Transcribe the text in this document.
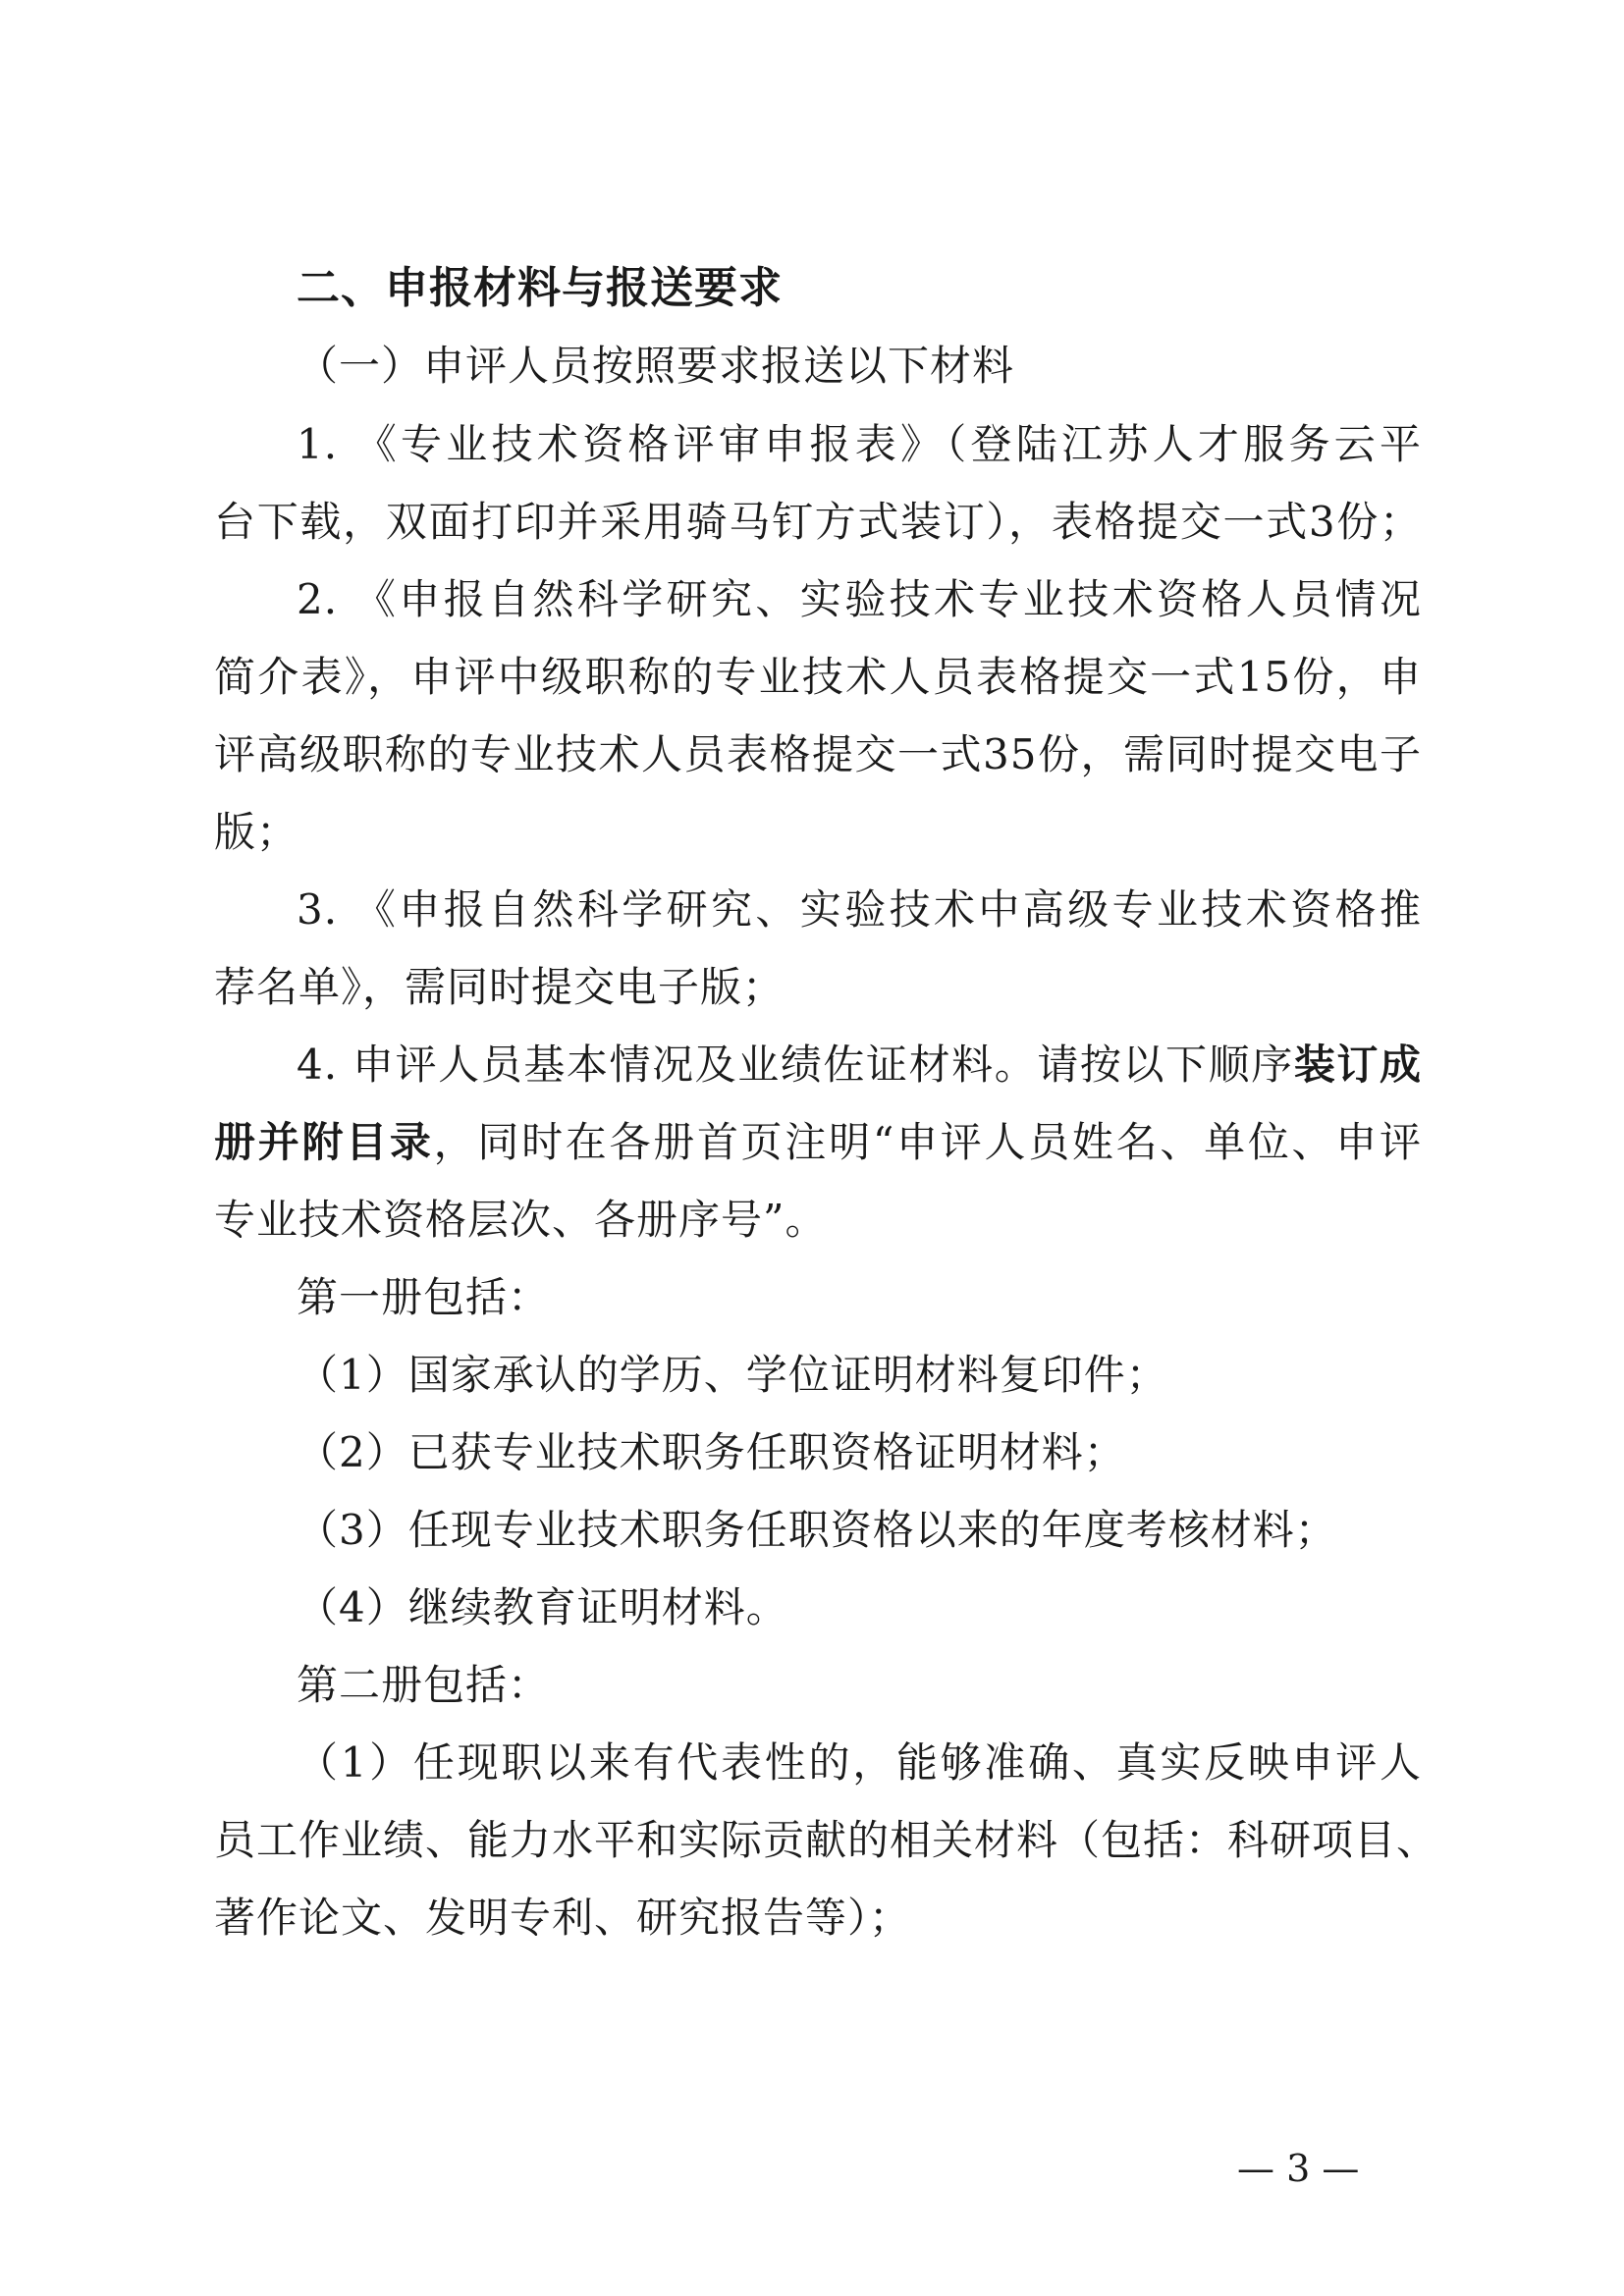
二、申报材料与报送要求
（一）申评人员按照要求报送以下材料
1. 《专业技术资格评审申报表》（登陆江苏人才服务云平
台下载，双面打印并采用骑马钉方式装订），表格提交一式3份；
2. 《申报自然科学研究、实验技术专业技术资格人员情况
简介表》，申评中级职称的专业技术人员表格提交一式15份，申
评高级职称的专业技术人员表格提交一式35份，需同时提交电子
版；
3. 《申报自然科学研究、实验技术中高级专业技术资格推
荐名单》，需同时提交电子版；
4. 申评人员基本情况及业绩佐证材料。请按以下顺序装订成
册并附目录，同时在各册首页注明“申评人员姓名、单位、申评
专业技术资格层次、各册序号”。
第一册包括：
（1）国家承认的学历、学位证明材料复印件；
（2）已获专业技术职务任职资格证明材料；
（3）任现专业技术职务任职资格以来的年度考核材料；
（4）继续教育证明材料。
第二册包括：
（1）任现职以来有代表性的，能够准确、真实反映申评人
员工作业绩、能力水平和实际贡献的相关材料（包括：科研项目、
著作论文、发明专利、研究报告等）；
— 3 —
